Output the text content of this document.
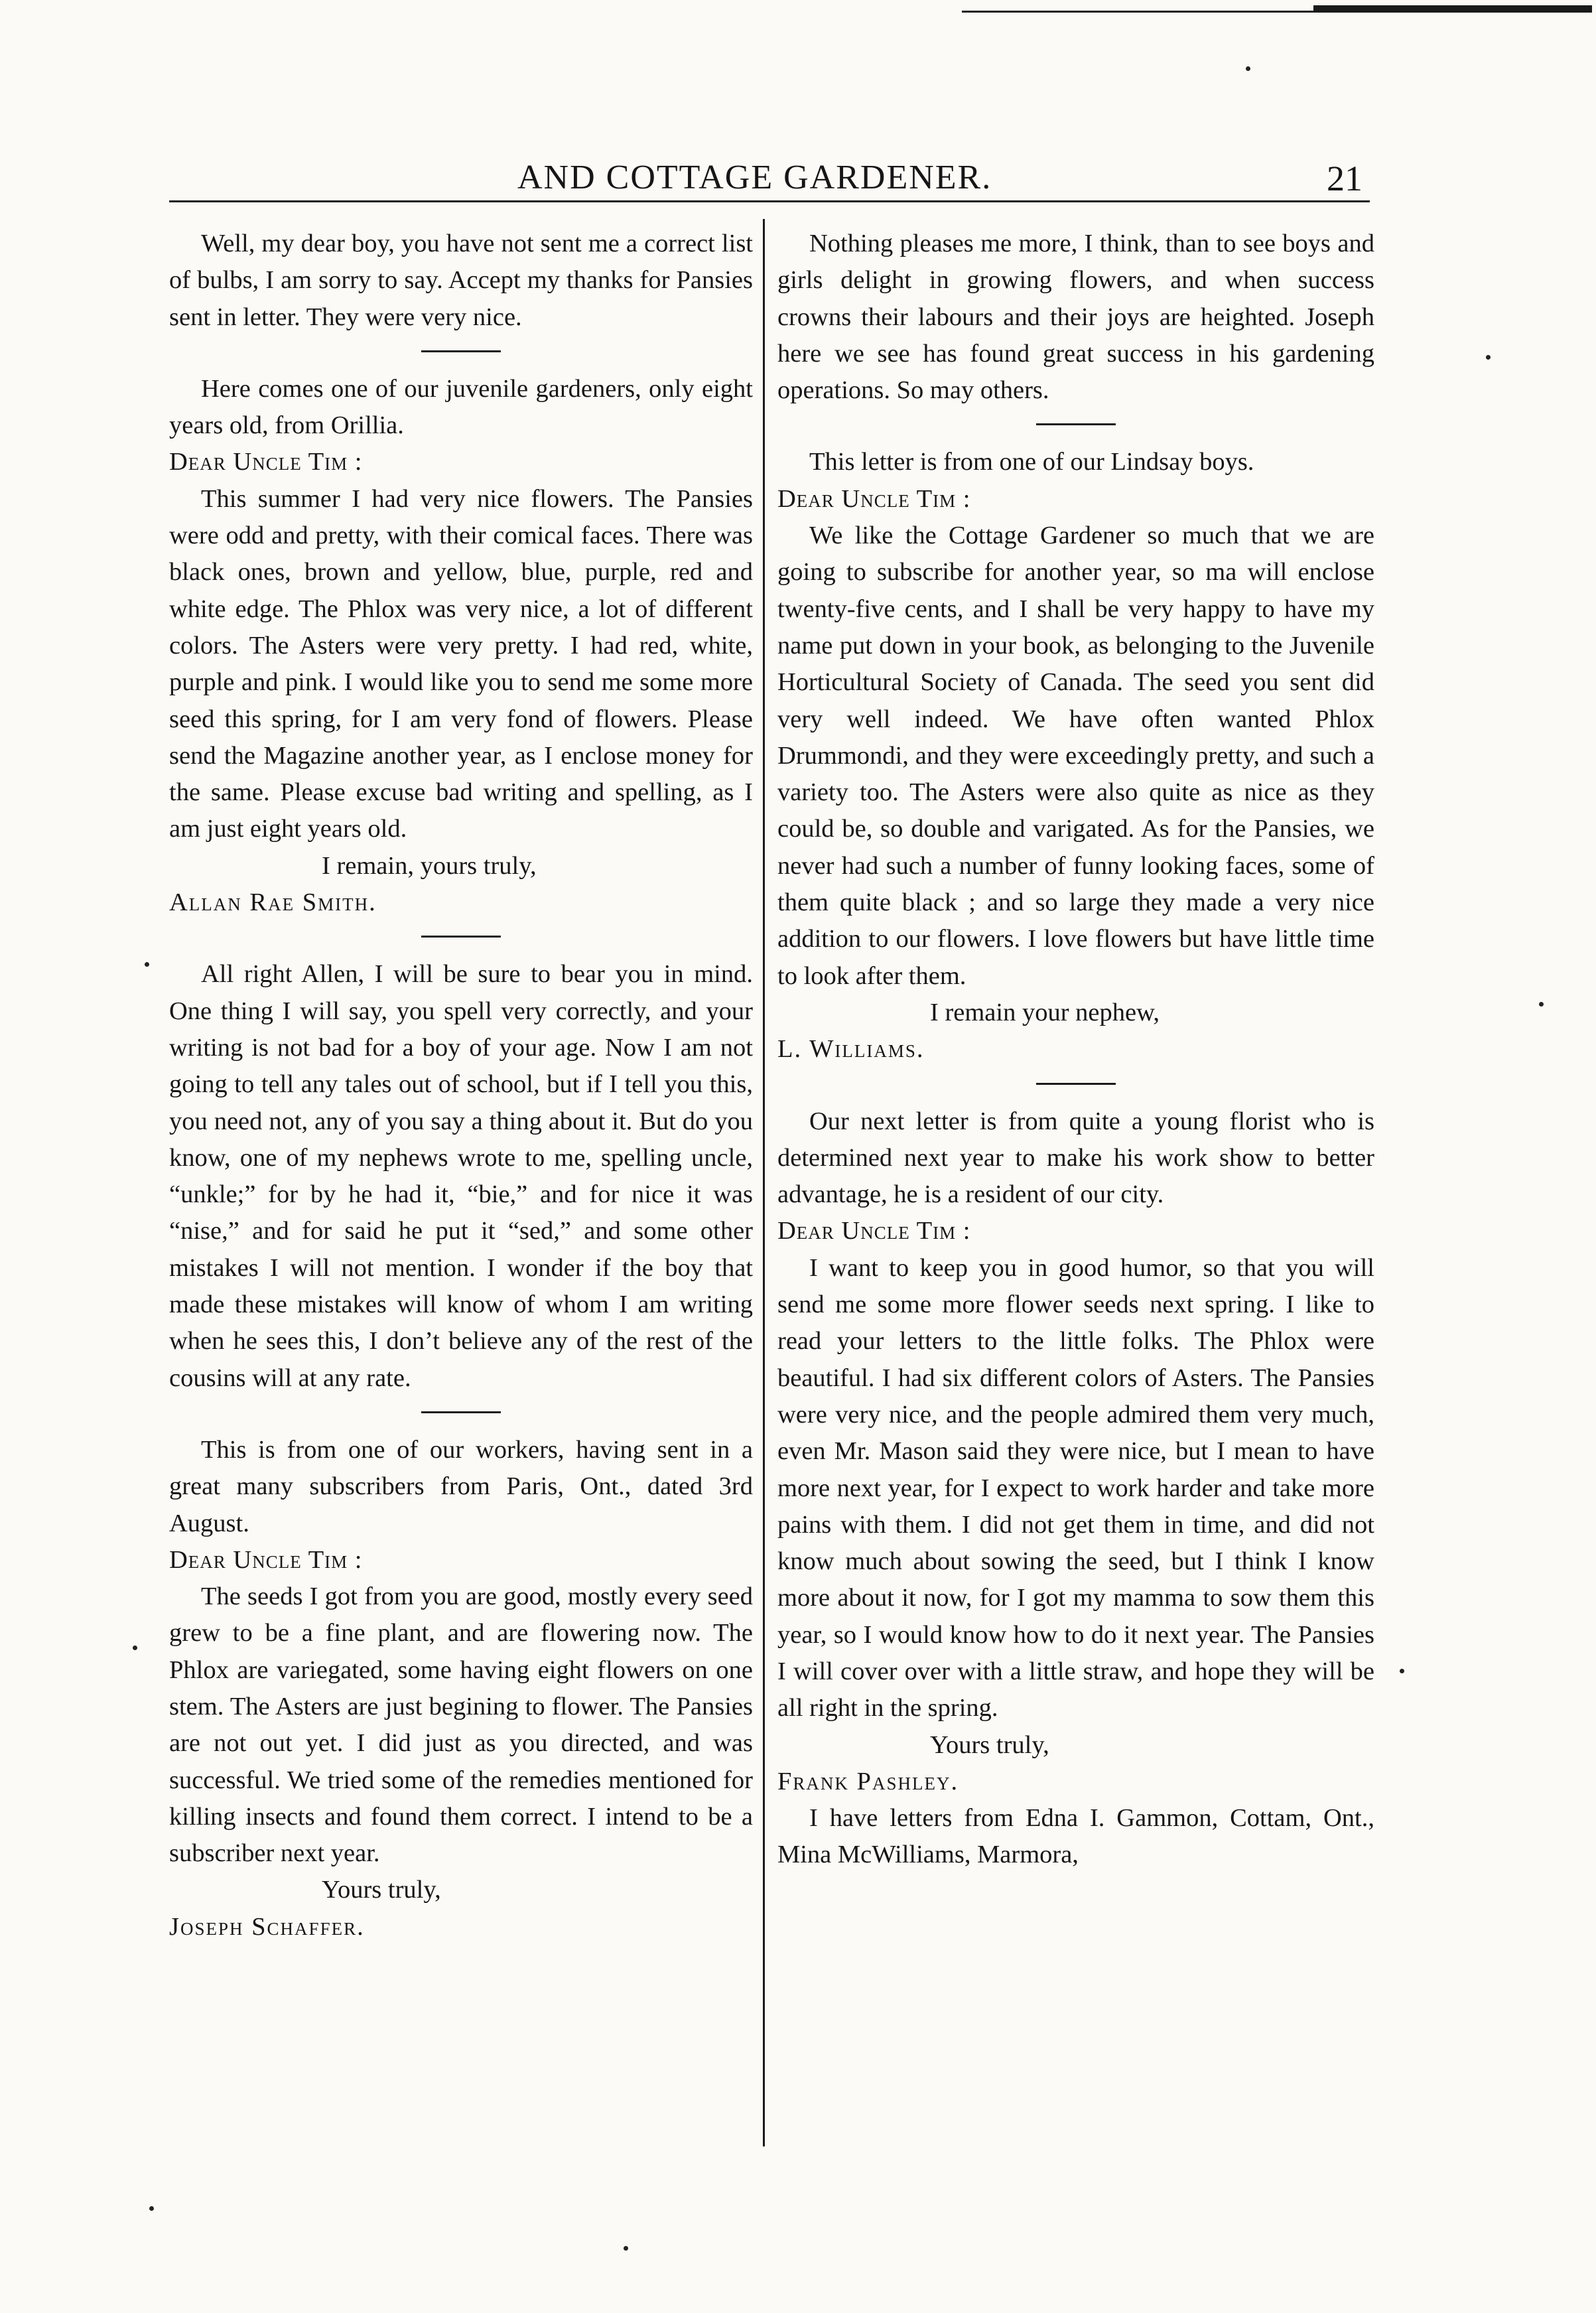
AND COTTAGE GARDENER.	21

Well, my dear boy, you have not sent me a correct list of bulbs, I am sorry to say. Accept my thanks for Pansies sent in letter. They were very nice.

Here comes one of our juvenile gardeners, only eight years old, from Orillia.

Dear Uncle Tim :

This summer I had very nice flowers. The Pansies were odd and pretty, with their comical faces. There was black ones, brown and yellow, blue, purple, red and white edge. The Phlox was very nice, a lot of different colors. The Asters were very pretty. I had red, white, purple and pink. I would like you to send me some more seed this spring, for I am very fond of flowers. Please send the Magazine another year, as I enclose money for the same. Please excuse bad writing and spelling, as I am just eight years old.

I remain, yours truly,

Allan Rae Smith.

All right Allen, I will be sure to bear you in mind. One thing I will say, you spell very correctly, and your writing is not bad for a boy of your age. Now I am not going to tell any tales out of school, but if I tell you this, you need not, any of you say a thing about it. But do you know, one of my nephews wrote to me, spelling uncle, “unkle;” for by he had it, “bie,” and for nice it was “nise,” and for said he put it “sed,” and some other mistakes I will not mention. I wonder if the boy that made these mistakes will know of whom I am writing when he sees this, I don’t believe any of the rest of the cousins will at any rate.

This is from one of our workers, having sent in a great many subscribers from Paris, Ont., dated 3rd August.

Dear Uncle Tim :

The seeds I got from you are good, mostly every seed grew to be a fine plant, and are flowering now. The Phlox are variegated, some having eight flowers on one stem. The Asters are just begining to flower. The Pansies are not out yet. I did just as you directed, and was successful. We tried some of the remedies mentioned for killing insects and found them correct. I intend to be a subscriber next year.

Yours truly,

Joseph Schaffer.

Nothing pleases me more, I think, than to see boys and girls delight in growing flowers, and when success crowns their labours and their joys are heighted. Joseph here we see has found great success in his gardening operations. So may others.

This letter is from one of our Lindsay boys.

Dear Uncle Tim :

We like the Cottage Gardener so much that we are going to subscribe for another year, so ma will enclose twenty-five cents, and I shall be very happy to have my name put down in your book, as belonging to the Juvenile Horticultural Society of Canada. The seed you sent did very well indeed. We have often wanted Phlox Drummondi, and they were exceedingly pretty, and such a variety too. The Asters were also quite as nice as they could be, so double and varigated. As for the Pansies, we never had such a number of funny looking faces, some of them quite black ; and so large they made a very nice addition to our flowers. I love flowers but have little time to look after them.

I remain your nephew,

L. Williams.

Our next letter is from quite a young florist who is determined next year to make his work show to better advantage, he is a resident of our city.

Dear Uncle Tim :

I want to keep you in good humor, so that you will send me some more flower seeds next spring. I like to read your letters to the little folks. The Phlox were beautiful. I had six different colors of Asters. The Pansies were very nice, and the people admired them very much, even Mr. Mason said they were nice, but I mean to have more next year, for I expect to work harder and take more pains with them. I did not get them in time, and did not know much about sowing the seed, but I think I know more about it now, for I got my mamma to sow them this year, so I would know how to do it next year. The Pansies I will cover over with a little straw, and hope they will be all right in the spring.

Yours truly,

Frank Pashley.

I have letters from Edna I. Gammon, Cottam, Ont., Mina McWilliams, Marmora,
